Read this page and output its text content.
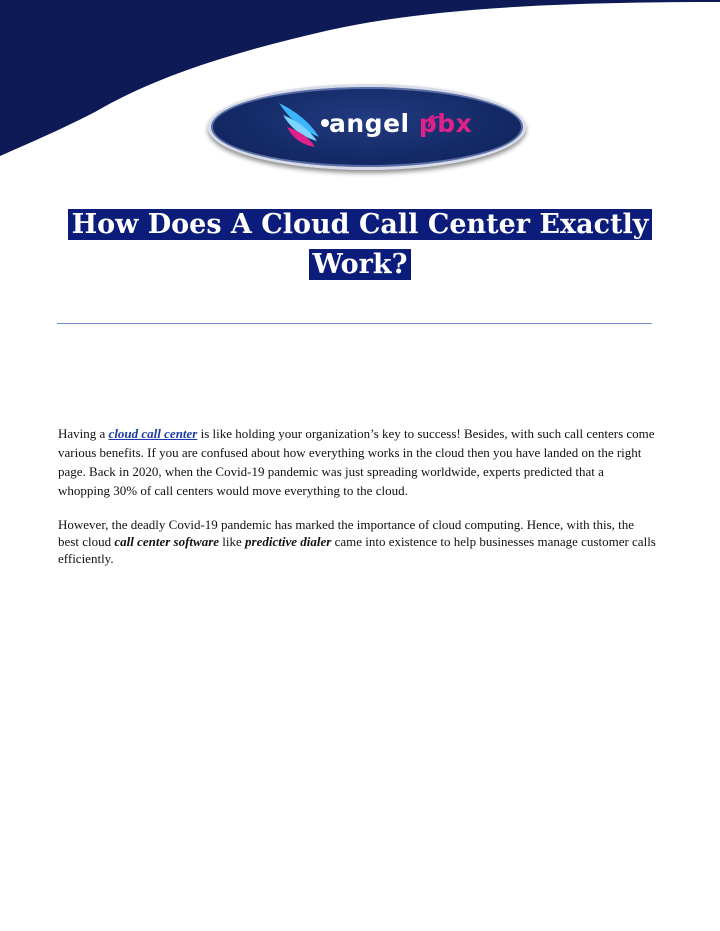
angel pbx
How Does A Cloud Call Center Exactly
Work?

Having a cloud call center is like holding your organization’s key to success! Besides, with such call centers come various benefits. If you are confused about how everything works in the cloud then you have landed on the right page. Back in 2020, when the Covid-19 pandemic was just spreading worldwide, experts predicted that a whopping 30% of call centers would move everything to the cloud.

However, the deadly Covid-19 pandemic has marked the importance of cloud computing. Hence, with this, the best cloud call center software like predictive dialer came into existence to help businesses manage customer calls efficiently.
